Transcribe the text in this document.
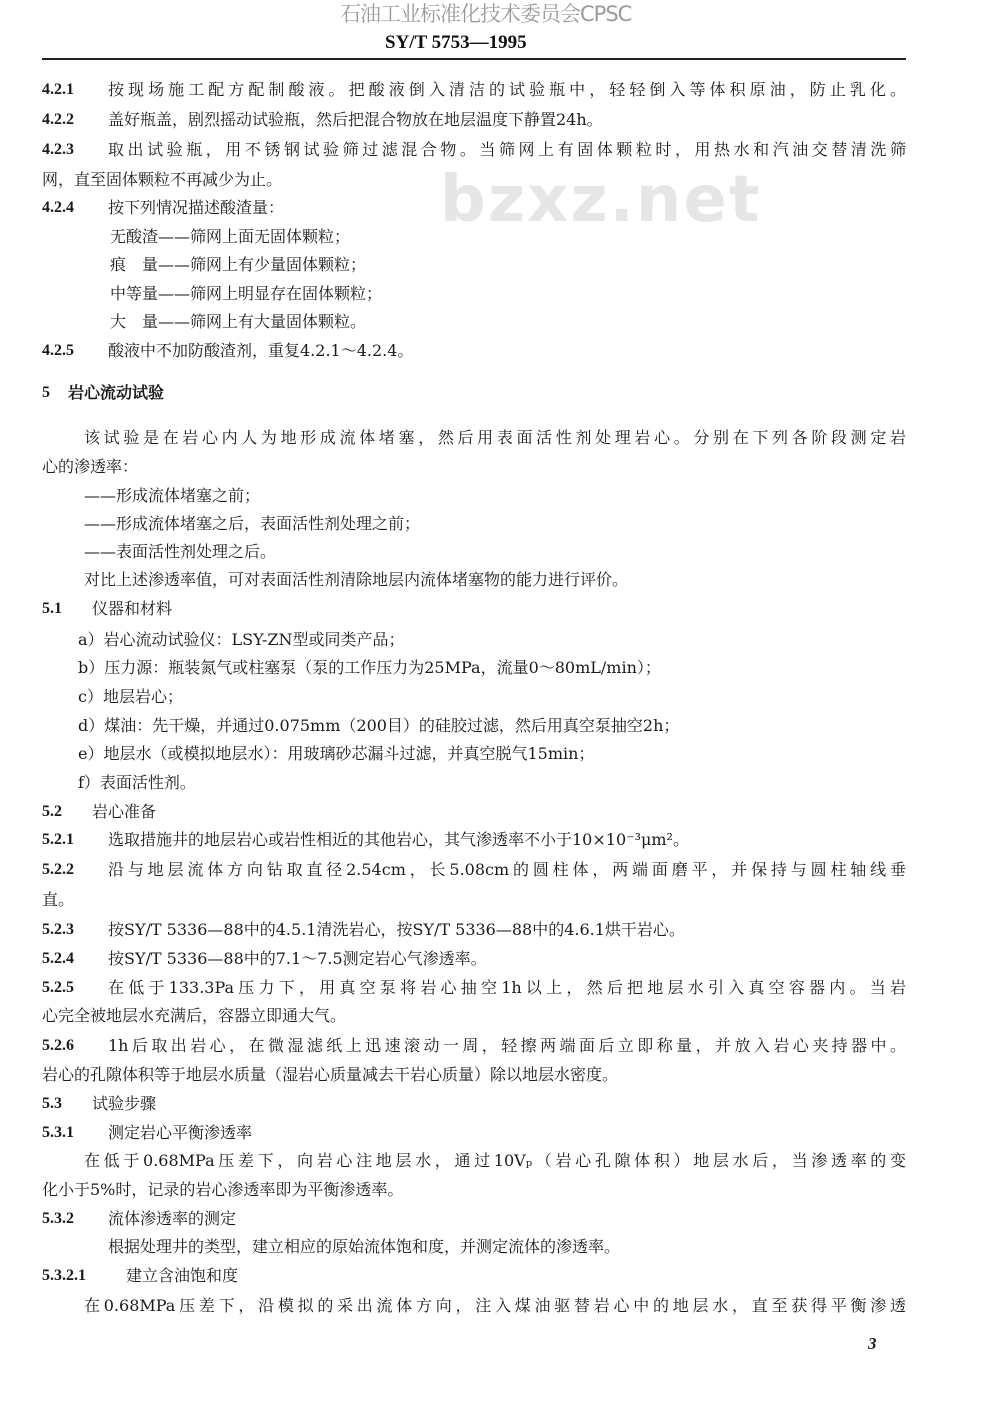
石油工业标准化技术委员会CPSC
SY/T 5753—1995
bzxz.net
4.2.1 按现场施工配方配制酸液。把酸液倒入清洁的试验瓶中，轻轻倒入等体积原油，防止乳化。
4.2.2 盖好瓶盖，剧烈摇动试验瓶，然后把混合物放在地层温度下静置24h。
4.2.3 取出试验瓶，用不锈钢试验筛过滤混合物。当筛网上有固体颗粒时，用热水和汽油交替清洗筛
网，直至固体颗粒不再减少为止。
4.2.4 按下列情况描述酸渣量：
无酸渣——筛网上面无固体颗粒；
痕　量——筛网上有少量固体颗粒；
中等量——筛网上明显存在固体颗粒；
大　量——筛网上有大量固体颗粒。
4.2.5 酸液中不加防酸渣剂，重复4.2.1～4.2.4。
5 岩心流动试验
该试验是在岩心内人为地形成流体堵塞，然后用表面活性剂处理岩心。分别在下列各阶段测定岩
心的渗透率：
——形成流体堵塞之前；
——形成流体堵塞之后，表面活性剂处理之前；
——表面活性剂处理之后。
对比上述渗透率值，可对表面活性剂清除地层内流体堵塞物的能力进行评价。
5.1 仪器和材料
a）岩心流动试验仪：LSY-ZN型或同类产品；
b）压力源：瓶装氮气或柱塞泵（泵的工作压力为25MPa，流量0～80mL/min）；
c）地层岩心；
d）煤油：先干燥，并通过0.075mm（200目）的硅胶过滤，然后用真空泵抽空2h；
e）地层水（或模拟地层水）：用玻璃砂芯漏斗过滤，并真空脱气15min；
f）表面活性剂。
5.2 岩心准备
5.2.1 选取措施井的地层岩心或岩性相近的其他岩心，其气渗透率不小于10×10⁻³μm²。
5.2.2 沿与地层流体方向钻取直径2.54cm，长5.08cm的圆柱体，两端面磨平，并保持与圆柱轴线垂
直。
5.2.3 按SY/T 5336—88中的4.5.1清洗岩心，按SY/T 5336—88中的4.6.1烘干岩心。
5.2.4 按SY/T 5336—88中的7.1～7.5测定岩心气渗透率。
5.2.5 在低于133.3Pa压力下，用真空泵将岩心抽空1h以上，然后把地层水引入真空容器内。当岩
心完全被地层水充满后，容器立即通大气。
5.2.6 1h后取出岩心，在微湿滤纸上迅速滚动一周，轻擦两端面后立即称量，并放入岩心夹持器中。
岩心的孔隙体积等于地层水质量（湿岩心质量减去干岩心质量）除以地层水密度。
5.3 试验步骤
5.3.1 测定岩心平衡渗透率
在低于0.68MPa压差下，向岩心注地层水，通过10Vₚ（岩心孔隙体积）地层水后，当渗透率的变
化小于5%时，记录的岩心渗透率即为平衡渗透率。
5.3.2 流体渗透率的测定
根据处理井的类型，建立相应的原始流体饱和度，并测定流体的渗透率。
5.3.2.1	建立含油饱和度
在0.68MPa压差下，沿模拟的采出流体方向，注入煤油驱替岩心中的地层水，直至获得平衡渗透
3
